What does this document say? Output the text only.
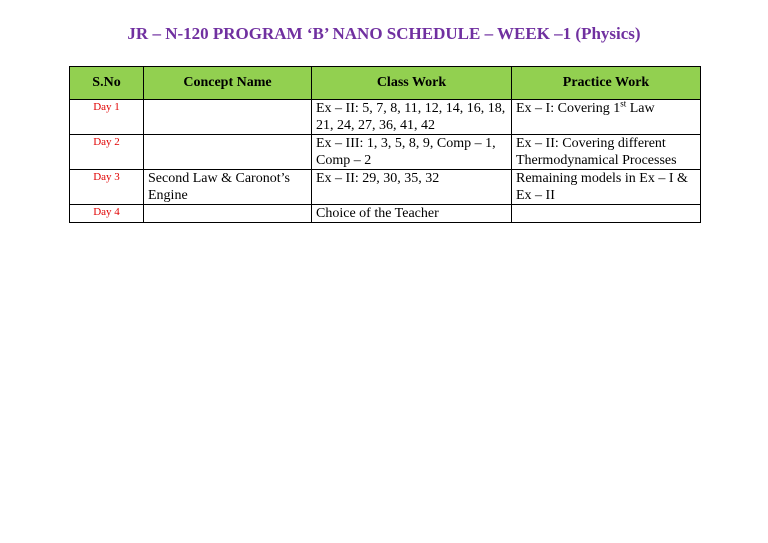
JR – N-120 PROGRAM ‘B’ NANO SCHEDULE – WEEK –1 (Physics)
S.No	Concept Name	Class Work	Practice Work
Day 1		Ex – II: 5, 7, 8, 11, 12, 14, 16, 18, 21, 24, 27, 36, 41, 42	Ex – I: Covering 1st Law
Day 2		Ex – III: 1, 3, 5, 8, 9, Comp – 1, Comp – 2	Ex – II: Covering different Thermodynamical Processes
Day 3	Second Law & Caronot’s Engine	Ex – II: 29, 30, 35, 32	Remaining models in Ex – I & Ex – II
Day 4		Choice of the Teacher	
